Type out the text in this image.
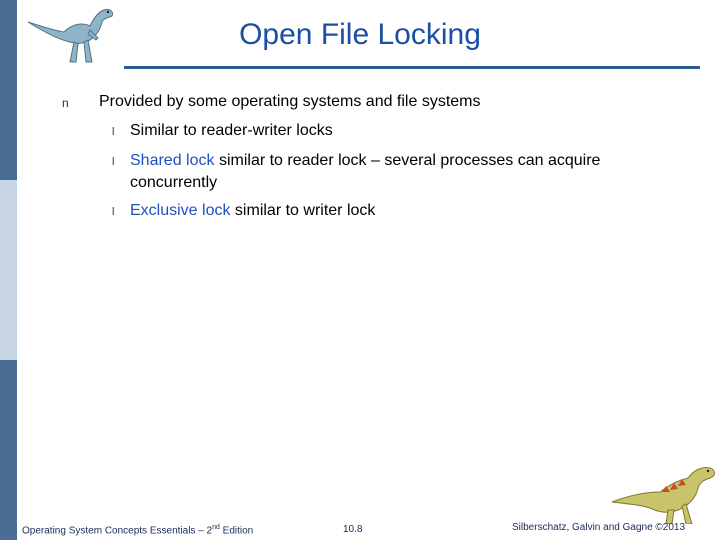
Open File Locking
n Provided by some operating systems and file systems
l Similar to reader-writer locks
l Shared lock similar to reader lock – several processes can acquire concurrently
l Exclusive lock similar to writer lock
Operating System Concepts Essentials – 2nd Edition	10.8	Silberschatz, Galvin and Gagne ©2013
